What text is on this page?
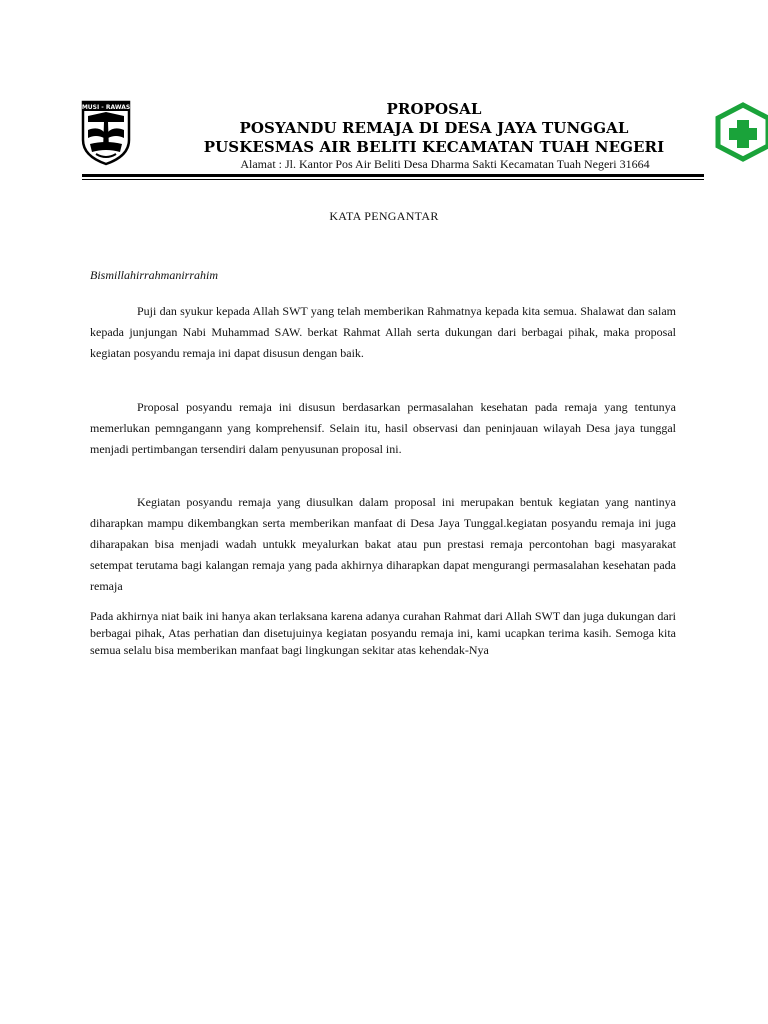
MUSI - RAWAS	PROPOSAL
POSYANDU REMAJA DI DESA JAYA TUNGGAL
PUSKESMAS AIR BELITI KECAMATAN TUAH NEGERI
Alamat : Jl. Kantor Pos Air Beliti Desa Dharma Sakti Kecamatan Tuah Negeri 31664
KATA PENGANTAR
Bismillahirrahmanirrahim

Puji dan syukur kepada Allah SWT yang telah memberikan Rahmatnya kepada kita semua. Shalawat dan salam kepada junjungan Nabi Muhammad SAW. berkat Rahmat Allah serta dukungan dari berbagai pihak, maka proposal kegiatan posyandu remaja ini dapat disusun dengan baik.

Proposal posyandu remaja ini disusun berdasarkan permasalahan kesehatan pada remaja yang tentunya memerlukan pemngangann yang komprehensif. Selain itu, hasil observasi dan peninjauan wilayah Desa jaya tunggal menjadi pertimbangan tersendiri dalam penyusunan proposal ini.

Kegiatan posyandu remaja yang diusulkan dalam proposal ini merupakan bentuk kegiatan yang nantinya diharapkan mampu dikembangkan serta memberikan manfaat di Desa Jaya Tunggal.kegiatan posyandu remaja ini juga diharapakan bisa menjadi wadah untukk meyalurkan bakat atau pun prestasi remaja percontohan bagi masyarakat setempat terutama bagi kalangan remaja yang pada akhirnya diharapkan dapat mengurangi permasalahan kesehatan pada remaja

Pada akhirnya niat baik ini hanya akan terlaksana karena adanya curahan Rahmat dari Allah SWT dan juga dukungan dari berbagai pihak, Atas perhatian dan disetujuinya kegiatan posyandu remaja ini, kami ucapkan terima kasih. Semoga kita semua selalu bisa memberikan manfaat bagi lingkungan sekitar atas kehendak-Nya
